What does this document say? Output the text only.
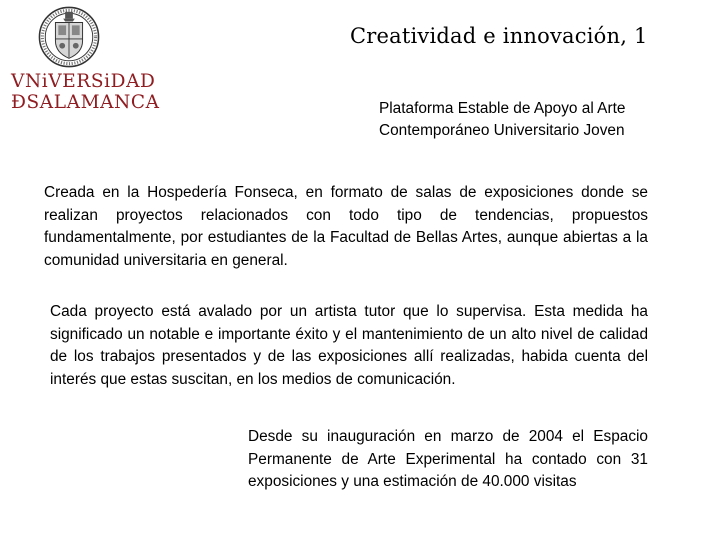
VNiVERSiDAD
ÐSALAMANCA
Creatividad e innovación, 1
Plataforma Estable de Apoyo al Arte
Contemporáneo Universitario Joven

Creada en la Hospedería Fonseca, en formato de salas de exposiciones donde se realizan proyectos relacionados con todo tipo de tendencias, propuestos fundamentalmente, por estudiantes de la Facultad de Bellas Artes, aunque abiertas a la comunidad universitaria en general.

Cada proyecto está avalado por un artista tutor que lo supervisa. Esta medida ha significado un notable e importante éxito y el mantenimiento de un alto nivel de calidad de los trabajos presentados y de las exposiciones allí realizadas, habida cuenta del interés que estas suscitan, en los medios de comunicación.

Desde su inauguración en marzo de 2004 el Espacio Permanente de Arte Experimental ha contado con 31 exposiciones y una estimación de 40.000 visitas
